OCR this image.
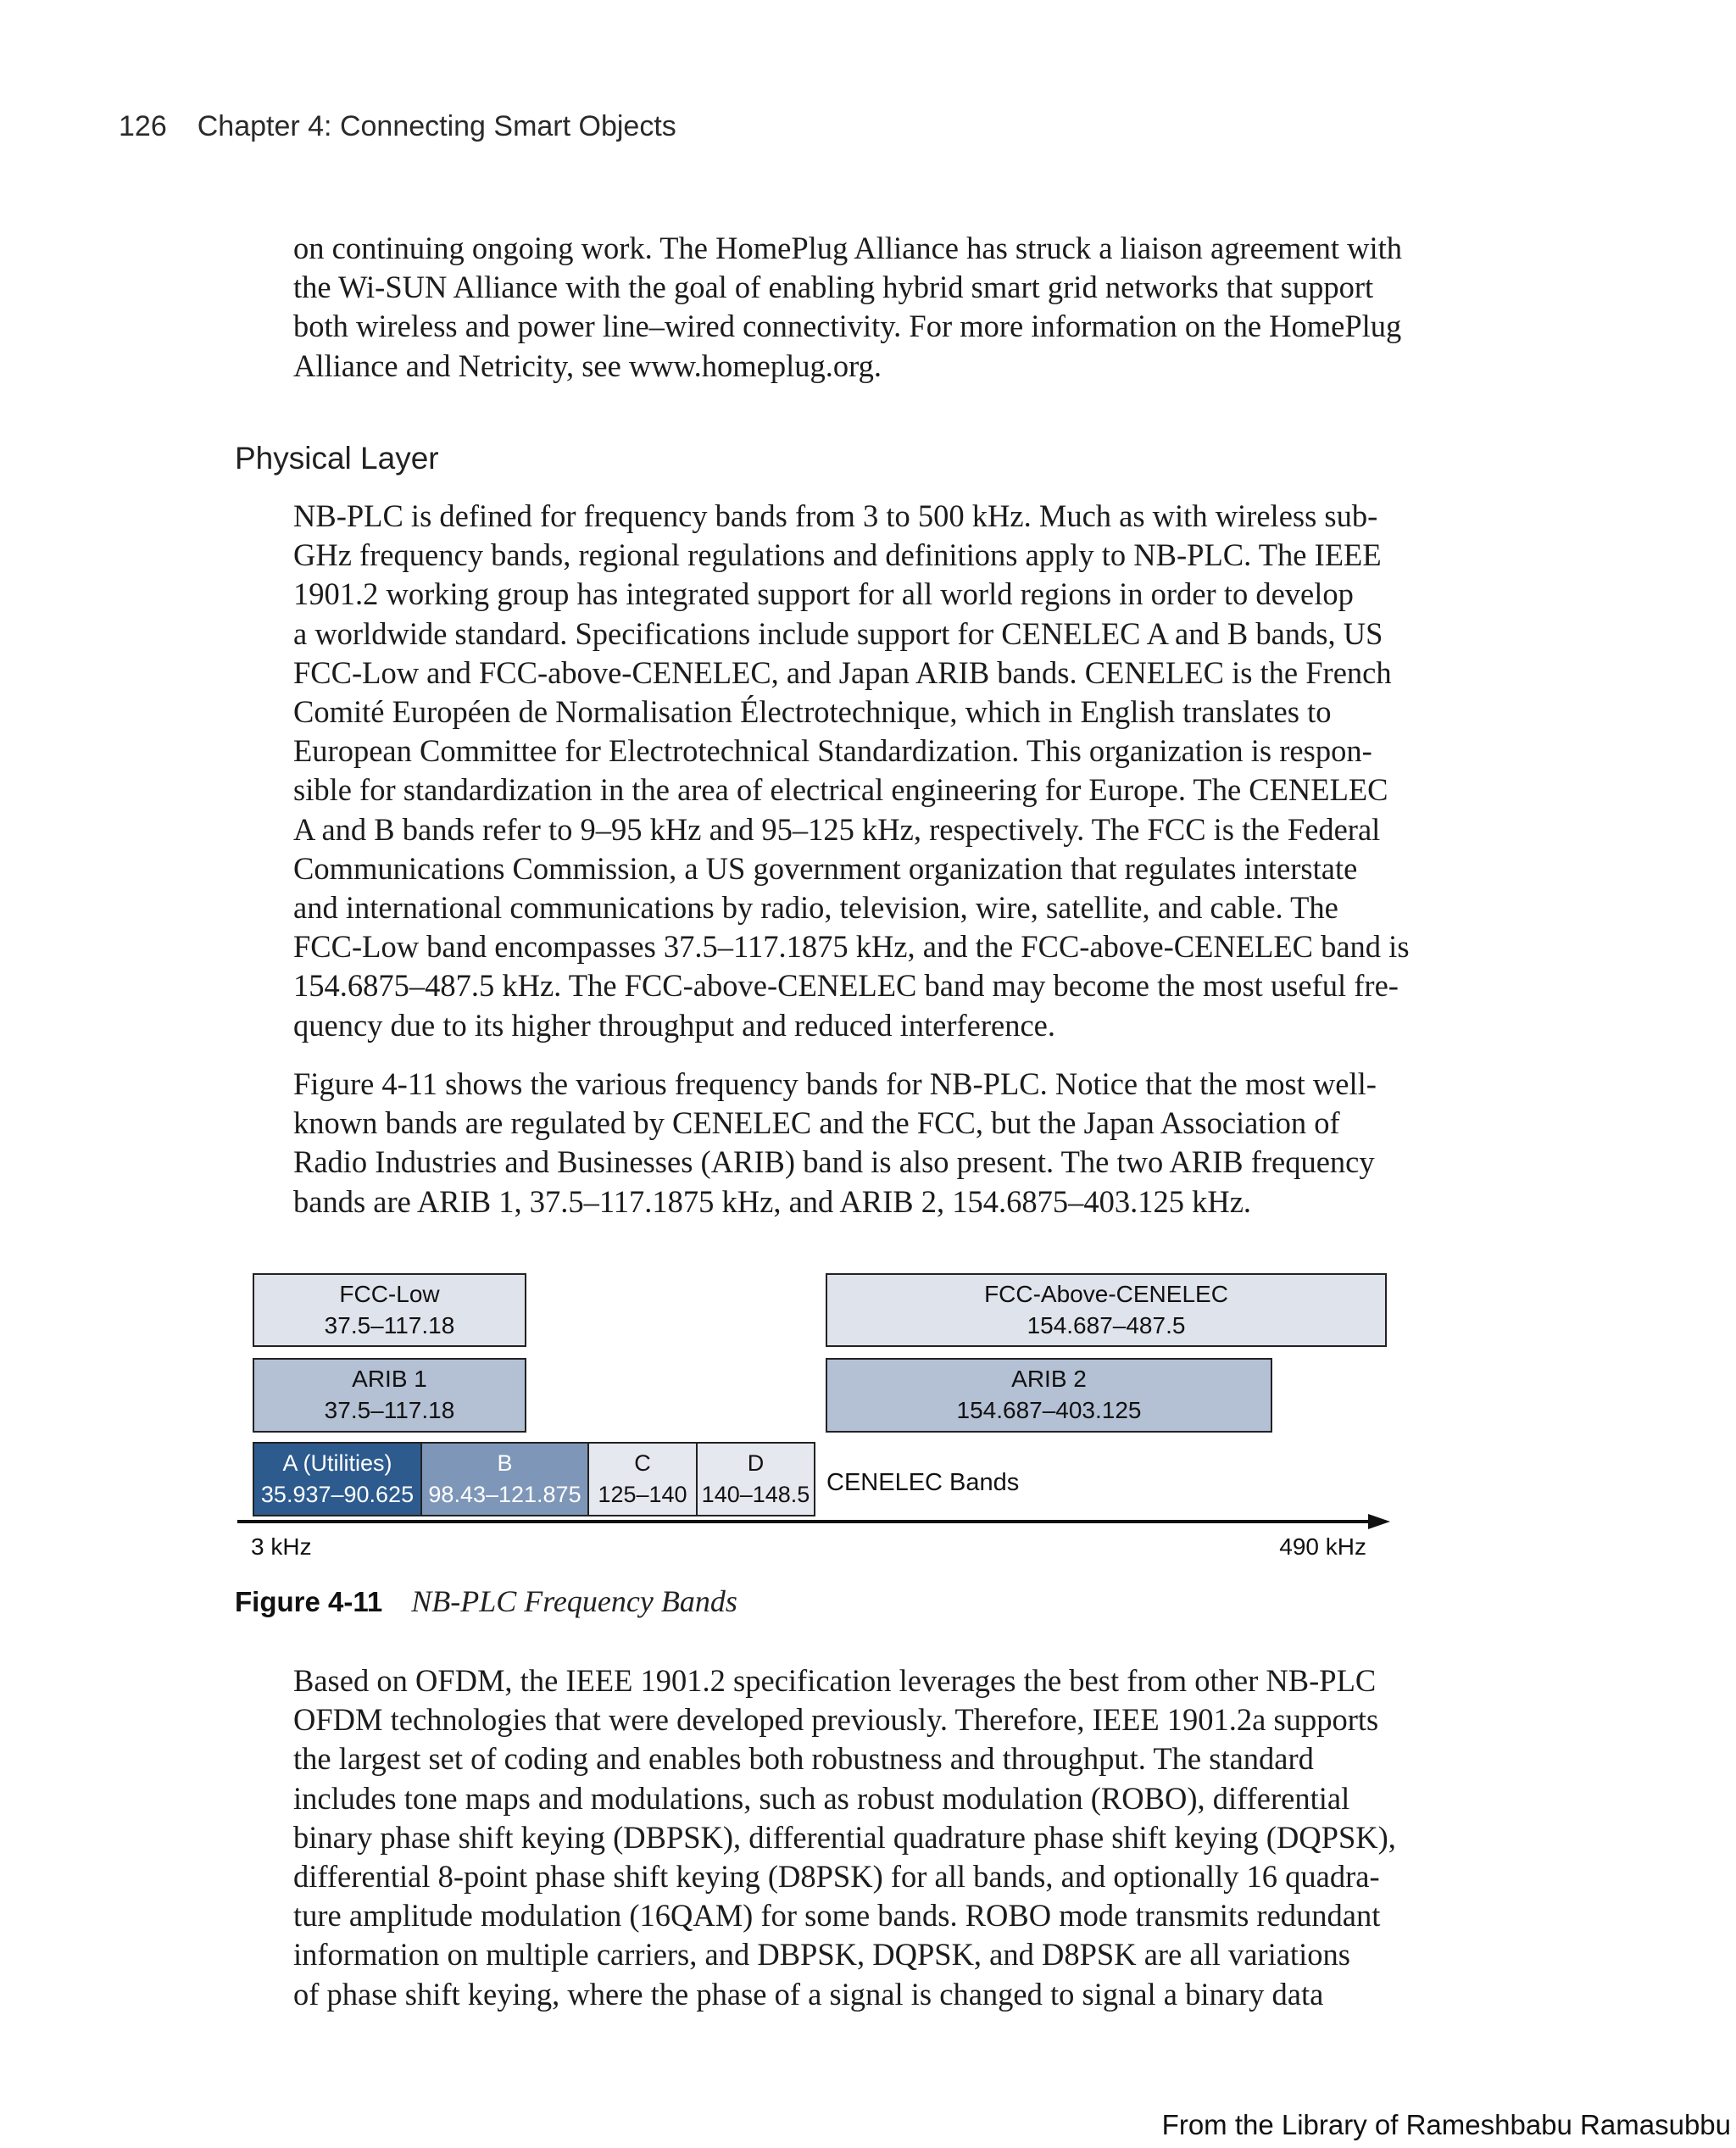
126 Chapter 4: Connecting Smart Objects
on continuing ongoing work. The HomePlug Alliance has struck a liaison agreement with
the Wi-SUN Alliance with the goal of enabling hybrid smart grid networks that support
both wireless and power line–wired connectivity. For more information on the HomePlug
Alliance and Netricity, see www.homeplug.org.
Physical Layer
NB-PLC is defined for frequency bands from 3 to 500 kHz. Much as with wireless sub-
GHz frequency bands, regional regulations and definitions apply to NB-PLC. The IEEE
1901.2 working group has integrated support for all world regions in order to develop
a worldwide standard. Specifications include support for CENELEC A and B bands, US
FCC-Low and FCC-above-CENELEC, and Japan ARIB bands. CENELEC is the French
Comité Européen de Normalisation Électrotechnique, which in English translates to
European Committee for Electrotechnical Standardization. This organization is respon-
sible for standardization in the area of electrical engineering for Europe. The CENELEC
A and B bands refer to 9–95 kHz and 95–125 kHz, respectively. The FCC is the Federal
Communications Commission, a US government organization that regulates interstate
and international communications by radio, television, wire, satellite, and cable. The
FCC-Low band encompasses 37.5–117.1875 kHz, and the FCC-above-CENELEC band is
154.6875–487.5 kHz. The FCC-above-CENELEC band may become the most useful fre-
quency due to its higher throughput and reduced interference.
Figure 4-11 shows the various frequency bands for NB-PLC. Notice that the most well-
known bands are regulated by CENELEC and the FCC, but the Japan Association of
Radio Industries and Businesses (ARIB) band is also present. The two ARIB frequency
bands are ARIB 1, 37.5–117.1875 kHz, and ARIB 2, 154.6875–403.125 kHz.
FCC-Low
37.5–117.18
FCC-Above-CENELEC
154.687–487.5
ARIB 1
37.5–117.18
ARIB 2
154.687–403.125
A (Utilities)
35.937–90.625
B
98.43–121.875
C
125–140
D
140–148.5 CENELEC Bands
3 kHz	490 kHz
Figure 4-11 NB-PLC Frequency Bands
Based on OFDM, the IEEE 1901.2 specification leverages the best from other NB-PLC
OFDM technologies that were developed previously. Therefore, IEEE 1901.2a supports
the largest set of coding and enables both robustness and throughput. The standard
includes tone maps and modulations, such as robust modulation (ROBO), differential
binary phase shift keying (DBPSK), differential quadrature phase shift keying (DQPSK),
differential 8-point phase shift keying (D8PSK) for all bands, and optionally 16 quadra-
ture amplitude modulation (16QAM) for some bands. ROBO mode transmits redundant
information on multiple carriers, and DBPSK, DQPSK, and D8PSK are all variations
of phase shift keying, where the phase of a signal is changed to signal a binary data
From the Library of Rameshbabu Ramasubbu
